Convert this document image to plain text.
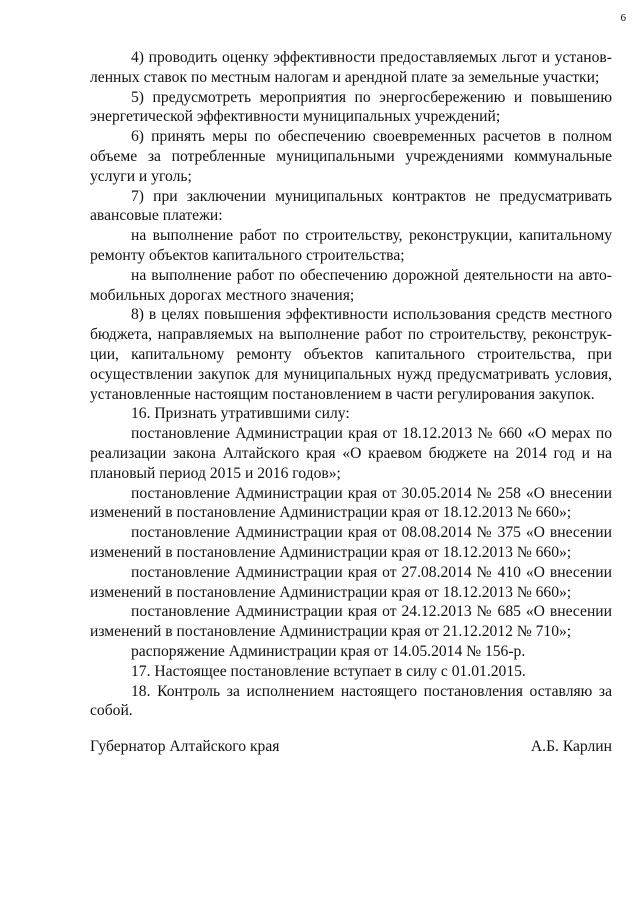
6

4) проводить оценку эффективности предоставляемых льгот и установленных ставок по местным налогам и арендной плате за земельные участки;

5) предусмотреть мероприятия по энергосбережению и повышению энергетической эффективности муниципальных учреждений;

6) принять меры по обеспечению своевременных расчетов в полном объеме за потребленные муниципальными учреждениями коммунальные услуги и уголь;

7) при заключении муниципальных контрактов не предусматривать авансовые платежи:

на выполнение работ по строительству, реконструкции, капитальному ремонту объектов капитального строительства;

на выполнение работ по обеспечению дорожной деятельности на автомобильных дорогах местного значения;

8) в целях повышения эффективности использования средств местного бюджета, направляемых на выполнение работ по строительству, реконструкции, капитальному ремонту объектов капитального строительства, при осуществлении закупок для муниципальных нужд предусматривать условия, установленные настоящим постановлением в части регулирования закупок.

16. Признать утратившими силу:

постановление Администрации края от 18.12.2013 № 660 «О мерах по реализации закона Алтайского края «О краевом бюджете на 2014 год и на плановый период 2015 и 2016 годов»;

постановление Администрации края от 30.05.2014 № 258 «О внесении изменений в постановление Администрации края от 18.12.2013 № 660»;

постановление Администрации края от 08.08.2014 № 375 «О внесении изменений в постановление Администрации края от 18.12.2013 № 660»;

постановление Администрации края от 27.08.2014 № 410 «О внесении изменений в постановление Администрации края от 18.12.2013 № 660»;

постановление Администрации края от 24.12.2013 № 685 «О внесении изменений в постановление Администрации края от 21.12.2012 № 710»;

распоряжение Администрации края от 14.05.2014 № 156-р.

17. Настоящее постановление вступает в силу с 01.01.2015.

18. Контроль за исполнением настоящего постановления оставляю за собой.

Губернатор Алтайского края	А.Б. Карлин
